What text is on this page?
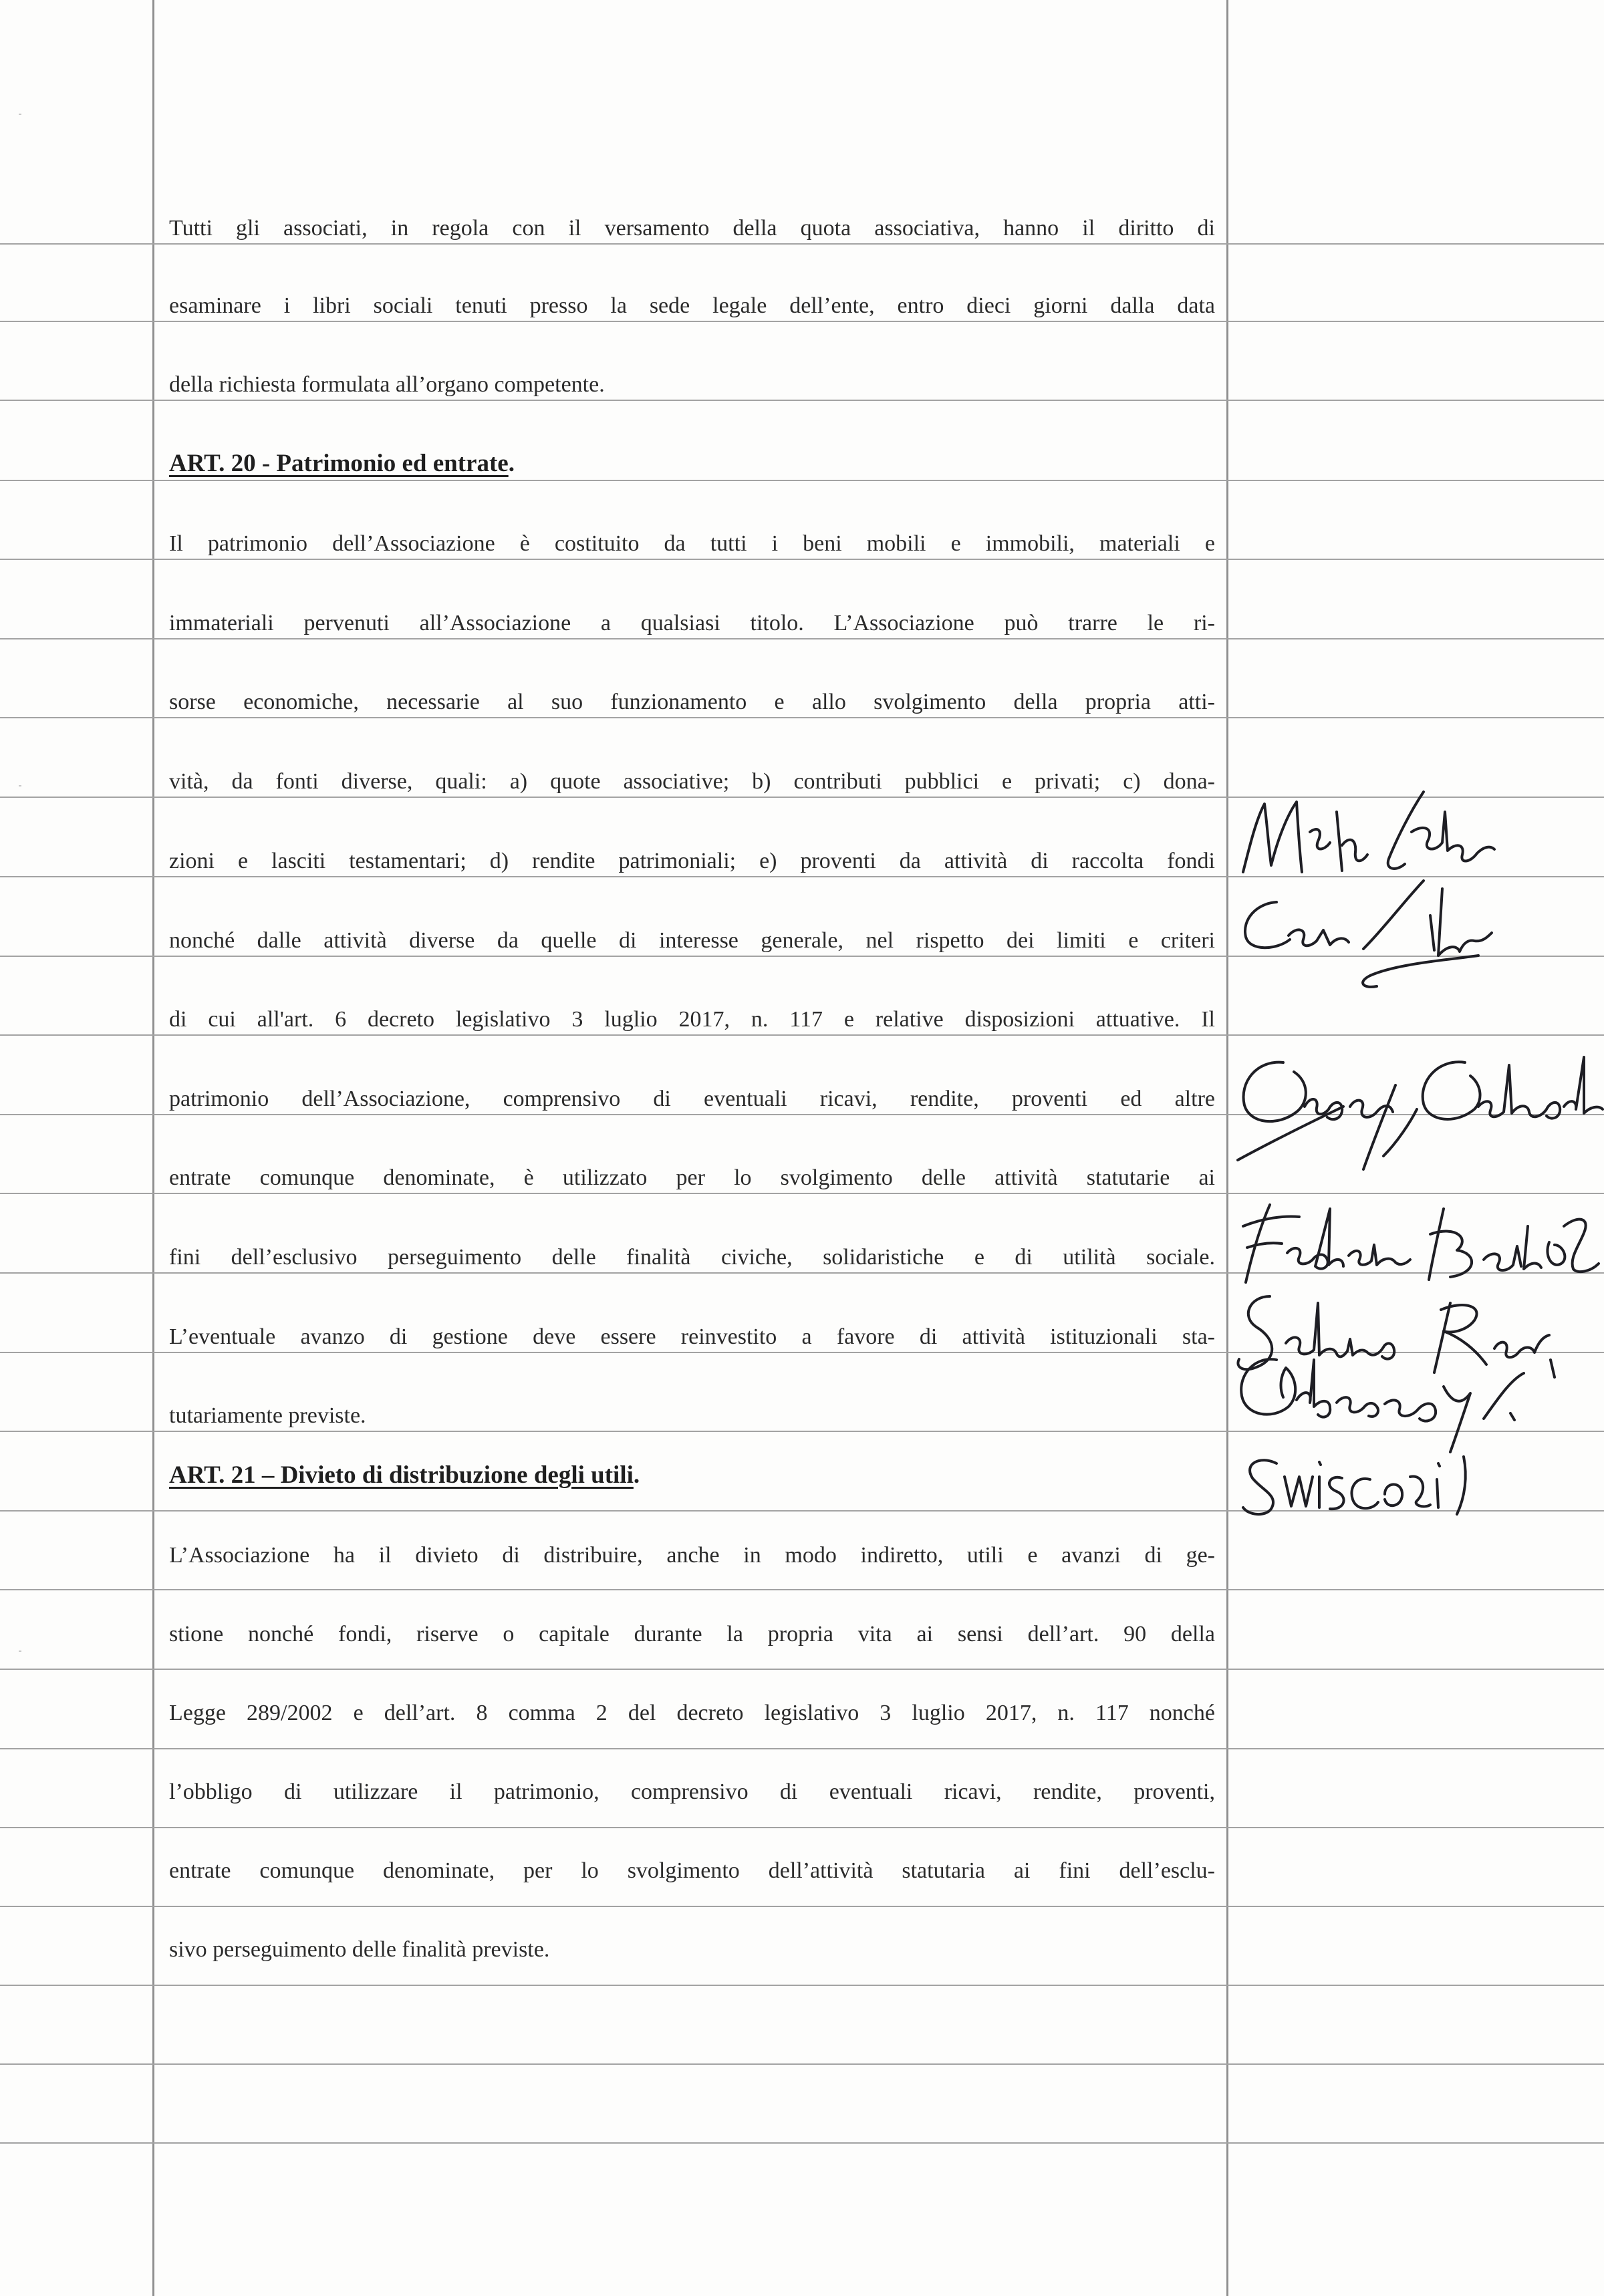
Tutti gli associati, in regola con il versamento della quota associativa, hanno il diritto di
esaminare i libri sociali tenuti presso la sede legale dell’ente, entro dieci giorni dalla data
della richiesta formulata all’organo competente.
ART. 20 - Patrimonio ed entrate.
Il patrimonio dell’Associazione è costituito da tutti i beni mobili e immobili, materiali e
immateriali pervenuti all’Associazione a qualsiasi titolo. L’Associazione può trarre le ri-
sorse economiche, necessarie al suo funzionamento e allo svolgimento della propria atti-
vità, da fonti diverse, quali: a) quote associative; b) contributi pubblici e privati; c) dona-
zioni e lasciti testamentari; d) rendite patrimoniali; e) proventi da attività di raccolta fondi
nonché dalle attività diverse da quelle di interesse generale, nel rispetto dei limiti e criteri
di cui all'art. 6 decreto legislativo 3 luglio 2017, n. 117 e relative disposizioni attuative. Il
patrimonio dell’Associazione, comprensivo di eventuali ricavi, rendite, proventi ed altre
entrate comunque denominate, è utilizzato per lo svolgimento delle attività statutarie ai
fini dell’esclusivo perseguimento delle finalità civiche, solidaristiche e di utilità sociale.
L’eventuale avanzo di gestione deve essere reinvestito a favore di attività istituzionali sta-
tutariamente previste.
ART. 21 – Divieto di distribuzione degli utili.
L’Associazione ha il divieto di distribuire, anche in modo indiretto, utili e avanzi di ge-
stione nonché fondi, riserve o capitale durante la propria vita ai sensi dell’art. 90 della
Legge 289/2002 e dell’art. 8 comma 2 del decreto legislativo 3 luglio 2017, n. 117 nonché
l’obbligo di utilizzare il patrimonio, comprensivo di eventuali ricavi, rendite, proventi,
entrate comunque denominate, per lo svolgimento dell’attività statutaria ai fini dell’esclu-
sivo perseguimento delle finalità previste.
